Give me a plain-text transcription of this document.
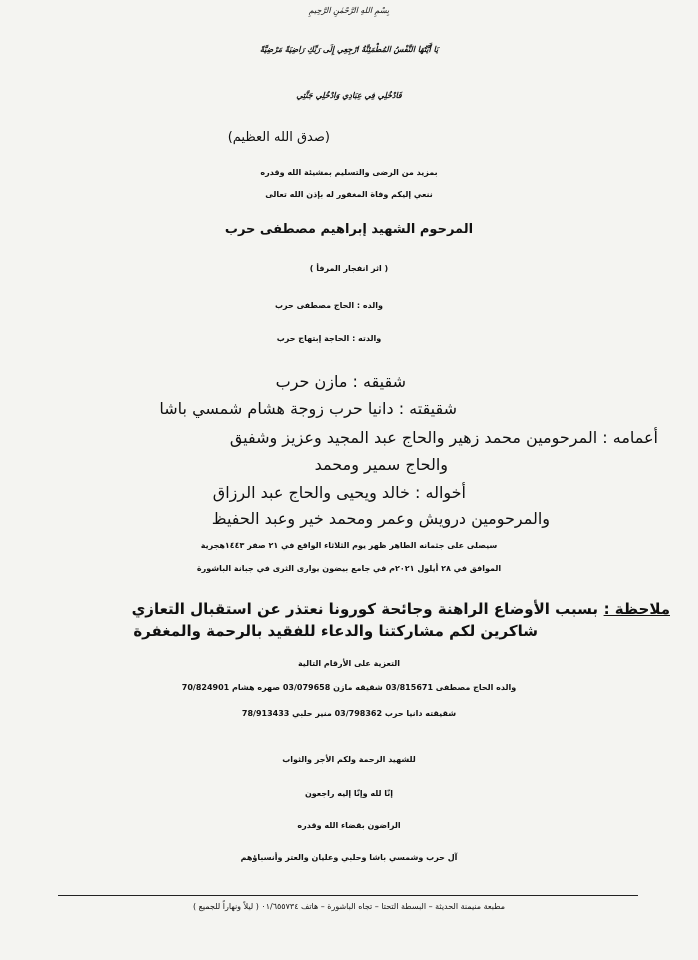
بِسْمِ اللهِ الرَّحْمٰنِ الرَّحِيمِ
يَا أَيَّتُهَا النَّفْسُ المُطْمَئِنَّةُ ارْجِعِي إِلَى رَبِّكِ رَاضِيَةً مَرْضِيَّةً
فَادْخُلِي فِي عِبَادِي وَادْخُلِي جَنَّتِي
(صدق الله العظيم)
بمزيد من الرضى والتسليم بمشيئة الله وقدره
ننعي إليكم وفاة المغفور له بإذن الله تعالى
المرحوم الشهيد إبراهيم مصطفى حرب
( اثر انفجار المرفأ )
والده : الحاج مصطفى حرب
والدته : الحاجة إبتهاج حرب
شقيقه : مازن حرب
شقيقته : دانيا حرب زوجة هشام شمسي باشا
أعمامه : المرحومين محمد زهير والحاج عبد المجيد وعزيز وشفيق
والحاج سمير ومحمد
أخواله : خالد ويحيى والحاج عبد الرزاق
والمرحومين درويش وعمر ومحمد خير وعبد الحفيظ
سيصلى على جثمانه الطاهر ظهر يوم الثلاثاء الواقع في ٢١ صفر ١٤٤٣هجرية
الموافق في ٢٨ أيلول ٢٠٢١م في جامع بيضون يوارى الثرى في جبانة الباشورة
ملاحظة :
بسبب الأوضاع الراهنة وجائحة كورونا نعتذر عن استقبال التعازي
شاكرين لكم مشاركتنا والدعاء للفقيد بالرحمة والمغفرة
التعزية على الأرقام التالية
والده الحاج مصطفى 03/815671 شقيقه مازن 03/079658 صهره هشام 70/824901
شقيقته دانيا حرب 03/798362 منير حلبي 78/913433
للشهيد الرحمة ولكم الأجر والثواب
إنّا لله وإنّا إليه راجعون
الراضون بقضاء الله وقدره
آل حرب وشمسي باشا وحلبي وعليان والعتر وأنسباؤهم
مطبعة منيمنة الحديثة – البسطة التحتا – تجاه الباشورة – هاتف ٠١/٦٥٥٧٣٤ ( ليلاً ونهاراً للجميع )
